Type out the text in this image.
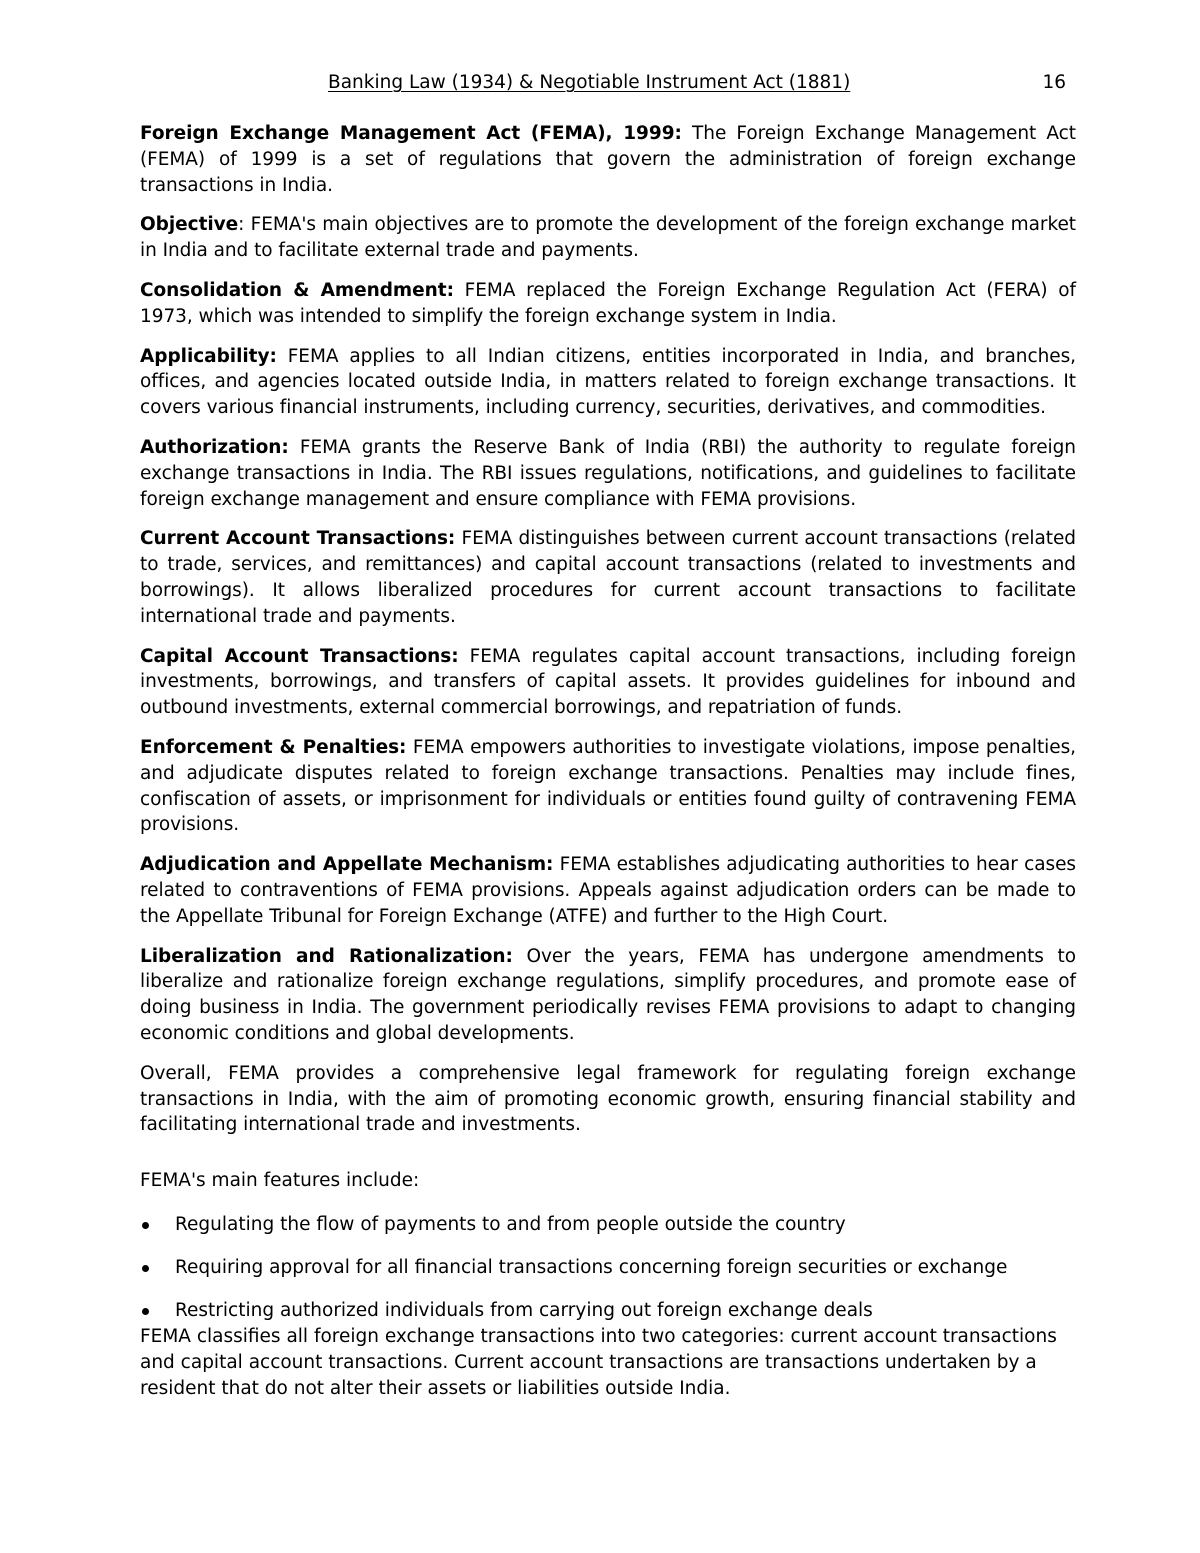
Banking Law (1934) & Negotiable Instrument Act (1881)	16

Foreign Exchange Management Act (FEMA), 1999: The Foreign Exchange Management Act (FEMA) of 1999 is a set of regulations that govern the administration of foreign exchange transactions in India.

Objective: FEMA's main objectives are to promote the development of the foreign exchange market in India and to facilitate external trade and payments.

Consolidation & Amendment: FEMA replaced the Foreign Exchange Regulation Act (FERA) of 1973, which was intended to simplify the foreign exchange system in India.

Applicability: FEMA applies to all Indian citizens, entities incorporated in India, and branches, offices, and agencies located outside India, in matters related to foreign exchange transactions. It covers various financial instruments, including currency, securities, derivatives, and commodities.

Authorization: FEMA grants the Reserve Bank of India (RBI) the authority to regulate foreign exchange transactions in India. The RBI issues regulations, notifications, and guidelines to facilitate foreign exchange management and ensure compliance with FEMA provisions.

Current Account Transactions: FEMA distinguishes between current account transactions (related to trade, services, and remittances) and capital account transactions (related to investments and borrowings). It allows liberalized procedures for current account transactions to facilitate international trade and payments.

Capital Account Transactions: FEMA regulates capital account transactions, including foreign investments, borrowings, and transfers of capital assets. It provides guidelines for inbound and outbound investments, external commercial borrowings, and repatriation of funds.

Enforcement & Penalties: FEMA empowers authorities to investigate violations, impose penalties, and adjudicate disputes related to foreign exchange transactions. Penalties may include fines, confiscation of assets, or imprisonment for individuals or entities found guilty of contravening FEMA provisions.

Adjudication and Appellate Mechanism: FEMA establishes adjudicating authorities to hear cases related to contraventions of FEMA provisions. Appeals against adjudication orders can be made to the Appellate Tribunal for Foreign Exchange (ATFE) and further to the High Court.

Liberalization and Rationalization: Over the years, FEMA has undergone amendments to liberalize and rationalize foreign exchange regulations, simplify procedures, and promote ease of doing business in India. The government periodically revises FEMA provisions to adapt to changing economic conditions and global developments.

Overall, FEMA provides a comprehensive legal framework for regulating foreign exchange transactions in India, with the aim of promoting economic growth, ensuring financial stability and facilitating international trade and investments.

FEMA's main features include:

Regulating the flow of payments to and from people outside the country
Requiring approval for all financial transactions concerning foreign securities or exchange
Restricting authorized individuals from carrying out foreign exchange deals

FEMA classifies all foreign exchange transactions into two categories: current account transactions and capital account transactions. Current account transactions are transactions undertaken by a resident that do not alter their assets or liabilities outside India.
